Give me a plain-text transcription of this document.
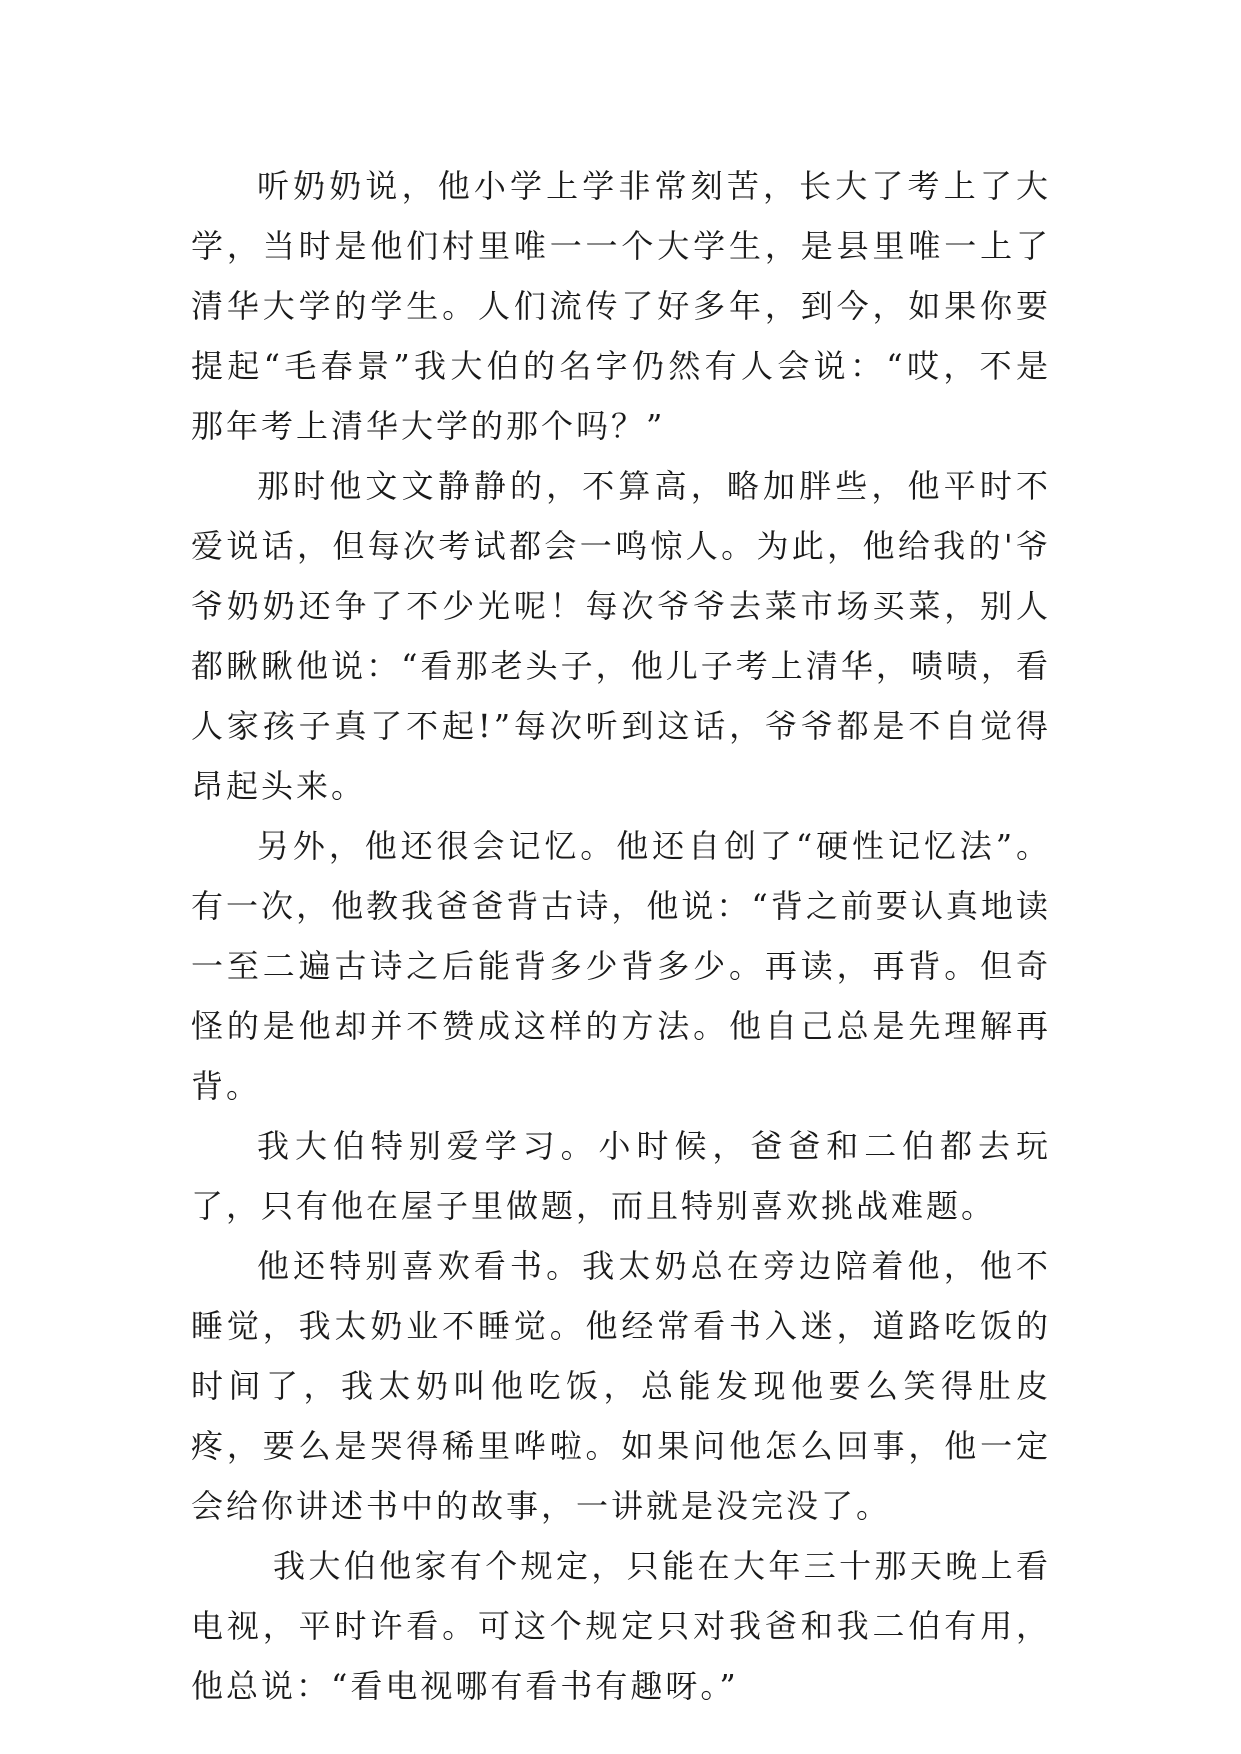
听奶奶说，他小学上学非常刻苦，长大了考上了大学，当时是他们村里唯一一个大学生，是县里唯一上了清华大学的学生。人们流传了好多年，到今，如果你要提起“毛春景”我大伯的名字仍然有人会说：“哎，不是那年考上清华大学的那个吗？”

那时他文文静静的，不算高，略加胖些，他平时不爱说话，但每次考试都会一鸣惊人。为此，他给我的'爷爷奶奶还争了不少光呢！每次爷爷去菜市场买菜，别人都瞅瞅他说：“看那老头子，他儿子考上清华，啧啧，看人家孩子真了不起!”每次听到这话，爷爷都是不自觉得昂起头来。

另外，他还很会记忆。他还自创了“硬性记忆法”。有一次，他教我爸爸背古诗，他说：“背之前要认真地读一至二遍古诗之后能背多少背多少。再读，再背。但奇怪的是他却并不赞成这样的方法。他自己总是先理解再背。

我大伯特别爱学习。小时候，爸爸和二伯都去玩了，只有他在屋子里做题，而且特别喜欢挑战难题。

他还特别喜欢看书。我太奶总在旁边陪着他，他不睡觉，我太奶业不睡觉。他经常看书入迷，道路吃饭的时间了，我太奶叫他吃饭，总能发现他要么笑得肚皮疼，要么是哭得稀里哗啦。如果问他怎么回事，他一定会给你讲述书中的故事，一讲就是没完没了。

我大伯他家有个规定，只能在大年三十那天晚上看电视，平时许看。可这个规定只对我爸和我二伯有用，他总说：“看电视哪有看书有趣呀。”
